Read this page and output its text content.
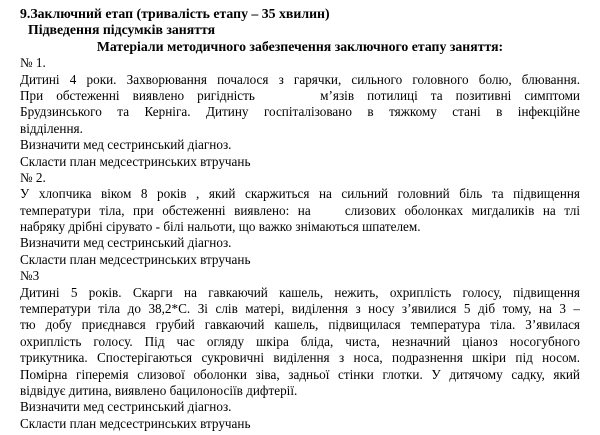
9.Заключний етап (тривалість етапу – 35 хвилин)
Підведення підсумків заняття
Матеріали методичного забезпечення заключного етапу заняття:
№ 1.
Дитині 4 роки. Захворювання почалося з гарячки, сильного головного болю, блювання.
При обстеженні виявлено ригідність     м’язів потилиці та позитивні симптоми
Брудзинського та Керніга. Дитину госпіталізовано в тяжкому стані в інфекційне
відділення.
Визначити мед сестринський діагноз.
Скласти план медсестринських втручань
№ 2.
У хлопчика віком 8 років , який скаржиться на сильний головний біль та підвищення
температури тіла, при обстеженні виявлено: на    слизових оболонках мигдаликів на тлі
набряку дрібні сірувато - білі нальоти, що важко знімаються шпателем.
Визначити мед сестринський діагноз.
Скласти план медсестринських втручань
№3
Дитині 5 років. Скарги на гавкаючий кашель, нежить, охриплість голосу, підвищення
температури тіла до 38,2*С. Зі слів матері, виділення з носу з’явилися 5 діб тому, на 3 –
тю добу приєднався грубий гавкаючий кашель, підвищилася температура тіла. З’явилася
охриплість голосу. Під час огляду шкіра бліда, чиста, незначний ціаноз носогубного
трикутника. Спостерігаються сукровичні виділення з носа, подразнення шкіри під носом.
Помірна гіперемія слизової оболонки зіва, задньої стінки глотки. У дитячому садку, який
відвідує дитина, виявлено бацилоносіїв дифтерії.
Визначити мед сестринський діагноз.
Скласти план медсестринських втручань
